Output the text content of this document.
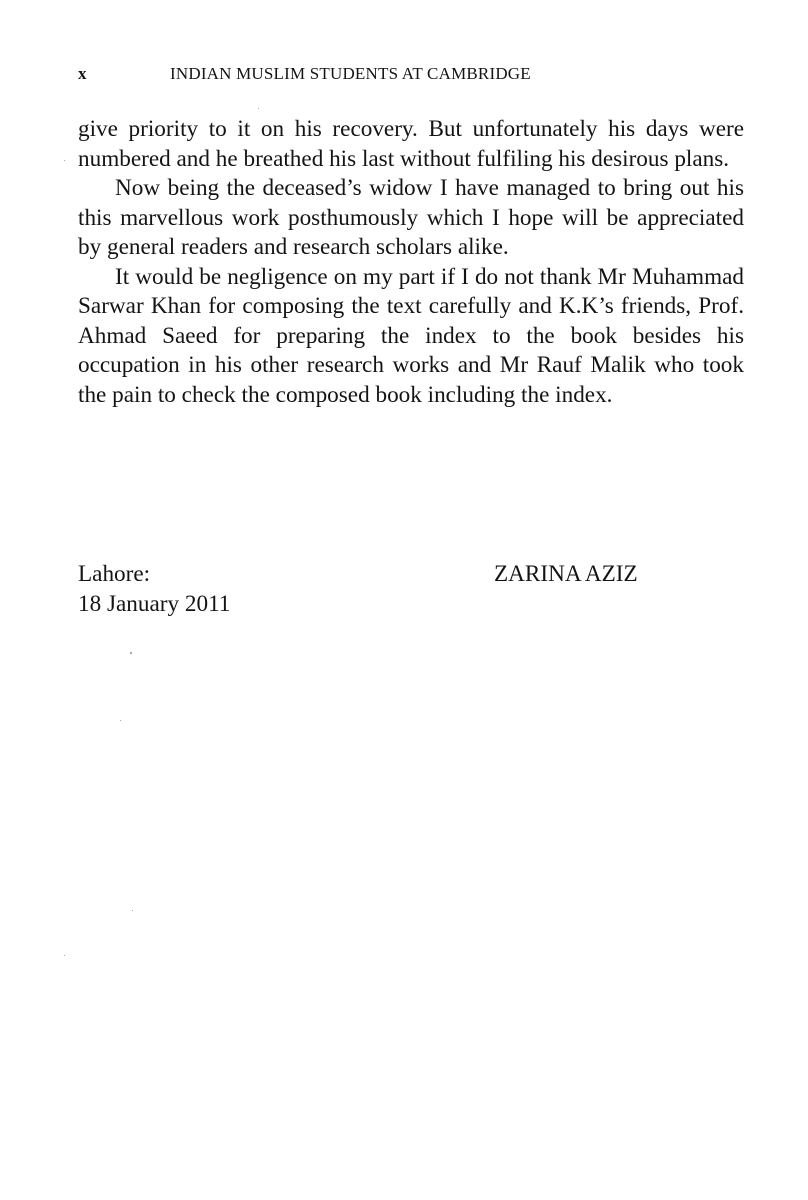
x	INDIAN MUSLIM STUDENTS AT CAMBRIDGE

give priority to it on his recovery. But unfortunately his days were numbered and he breathed his last without fulfiling his desirous plans.

Now being the deceased’s widow I have managed to bring out his this marvellous work posthumously which I hope will be appreciated by general readers and research scholars alike.

It would be negligence on my part if I do not thank Mr Muhammad Sarwar Khan for composing the text carefully and K.K’s friends, Prof. Ahmad Saeed for preparing the index to the book besides his occupation in his other research works and Mr Rauf Malik who took the pain to check the composed book including the index.

Lahore:
18 January 2011
ZARINA AZIZ
